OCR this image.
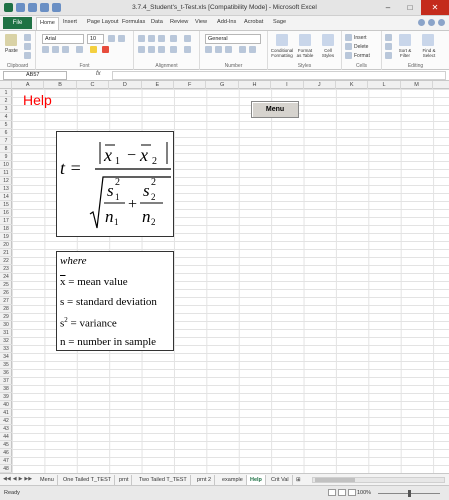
3.7.4_Student's_t-Test.xls [Compatibility Mode] - Microsoft Excel	–	□	✕
File	Home	Insert Page Layout Formulas Data Review View Add-Ins Acrobat Sage
Paste
Clipboard
Arial	10
Font	Alignment
General
Number
Conditional Formatting
Format as Table
Cell Styles
Styles
Insert
Delete
Format
Cells
Sort & Filter
Find & Select
Editing
AB57	fx
A	B	C	D	E	F	G	H	I	J	K	L	M
1
2
3
4
5
6
7
8
9
10
11
12
13
14
15
16
17
18
19
20
21
22
23
24
25
26
27
28
29
30
31
32
33
34
35
36
37
38
39
40
41
42
43
44
45
46
47
48
Help
Menu
t =
x 1 − x 2
s 2
1
n 1
+
s 2
2
n 2
where
$\overline{x}$ = mean value
s = standard deviation
$s^2$ = variance
n = number in sample
◀◀ ◀ ▶ ▶▶	Menu	One Tailed T_TEST	prnt	Two Tailed T_TEST	prnt 2	example	Help	Crit Val	⊞
Ready	100%
